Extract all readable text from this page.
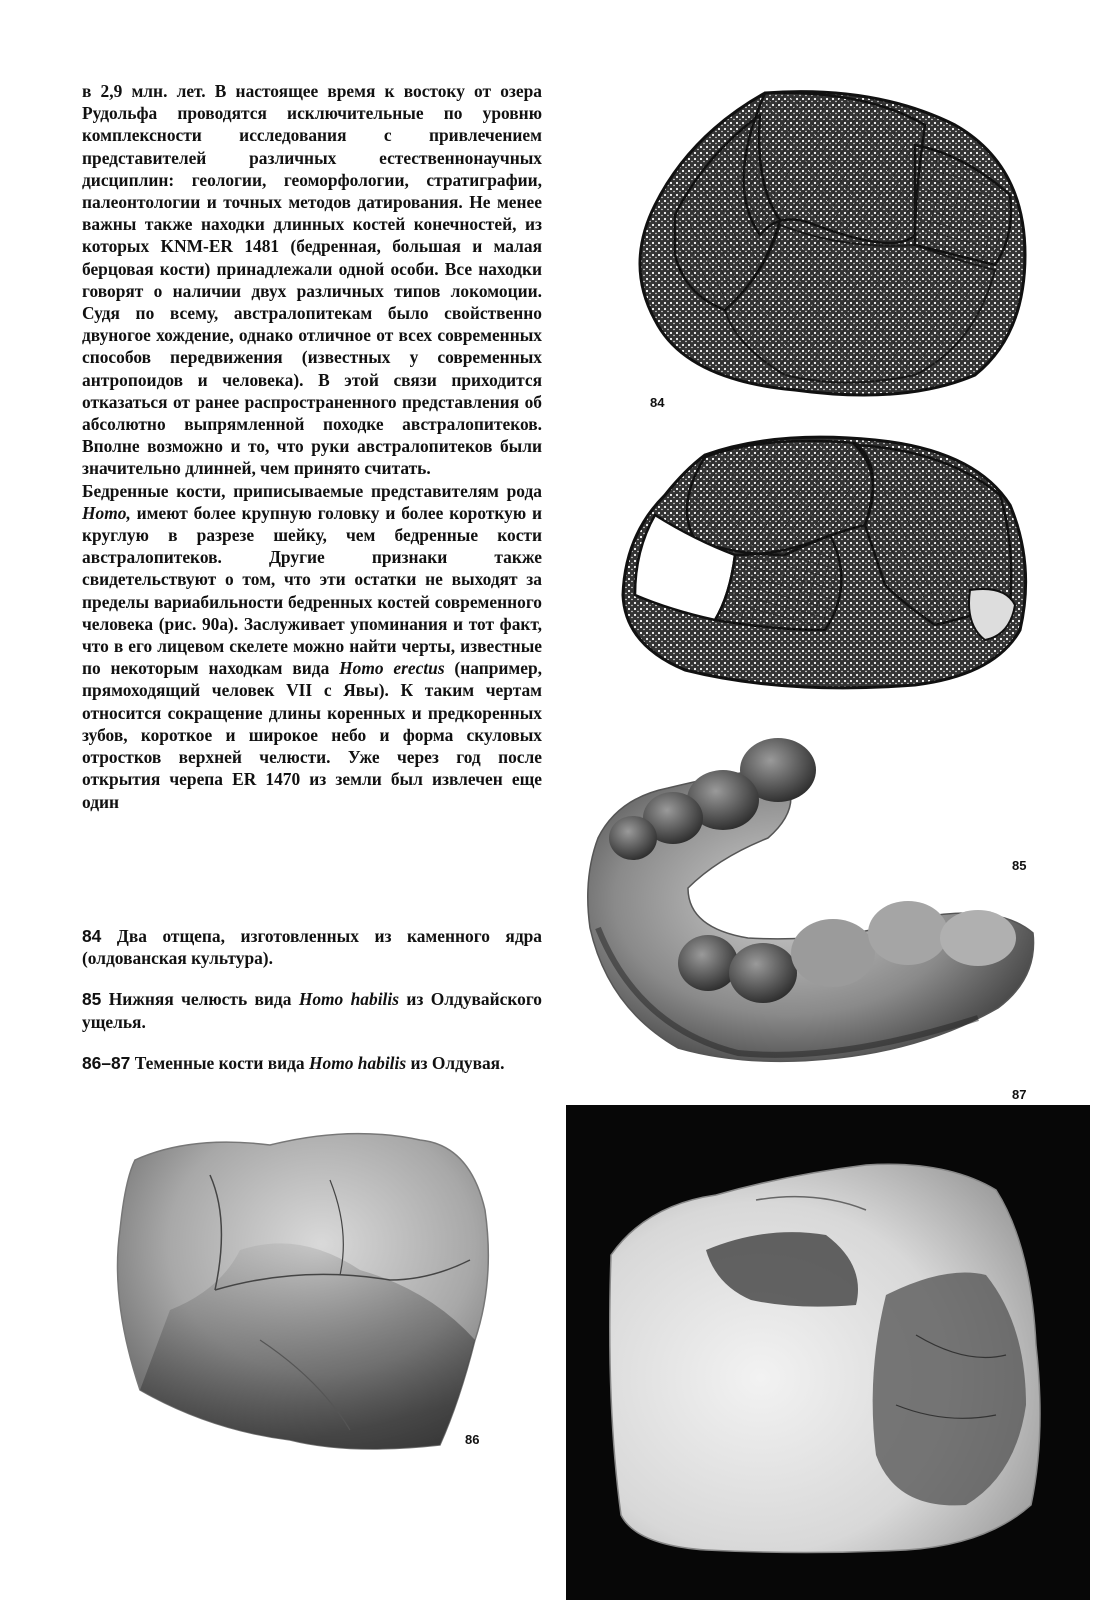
в 2,9 млн. лет. В настоящее время к востоку от озера Рудольфа проводятся исключительные по уровню комплексности исследования с привлечением представителей различных естественнонаучных дисциплин: геологии, геоморфологии, стратиграфии, палеонтологии и точных методов датирования. Не менее важны также находки длинных костей конечностей, из которых KNM-ER 1481 (бедренная, большая и малая берцовая кости) принадлежали одной особи. Все находки говорят о наличии двух различных типов локомоции. Судя по всему, австралопитекам было свойственно двуногое хождение, однако отличное от всех современных способов передвижения (известных у современных антропоидов и человека). В этой связи приходится отказаться от ранее распространенного представления об абсолютно выпрямленной походке австралопитеков. Вполне возможно и то, что руки австралопитеков были значительно длинней, чем принято считать.

Бедренные кости, приписываемые представителям рода Homo, имеют более крупную головку и более короткую и круглую в разрезе шейку, чем бедренные кости австралопитеков. Другие признаки также свидетельствуют о том, что эти остатки не выходят за пределы вариабильности бедренных костей современного человека (рис. 90а). Заслуживает упоминания и тот факт, что в его лицевом скелете можно найти черты, известные по некоторым находкам вида Homo erectus (например, прямоходящий человек VII с Явы). К таким чертам относится сокращение длины коренных и предкоренных зубов, короткое и широкое небо и форма скуловых отростков верхней челюсти. Уже через год после открытия черепа ER 1470 из земли был извлечен еще один

84 Два отщепа, изготовленных из каменного ядра (олдованская культура).

85 Нижняя челюсть вида Homo habilis из Олдувайского ущелья.

86–87 Теменные кости вида Homo habilis из Олдувая.

84
85
86
87
